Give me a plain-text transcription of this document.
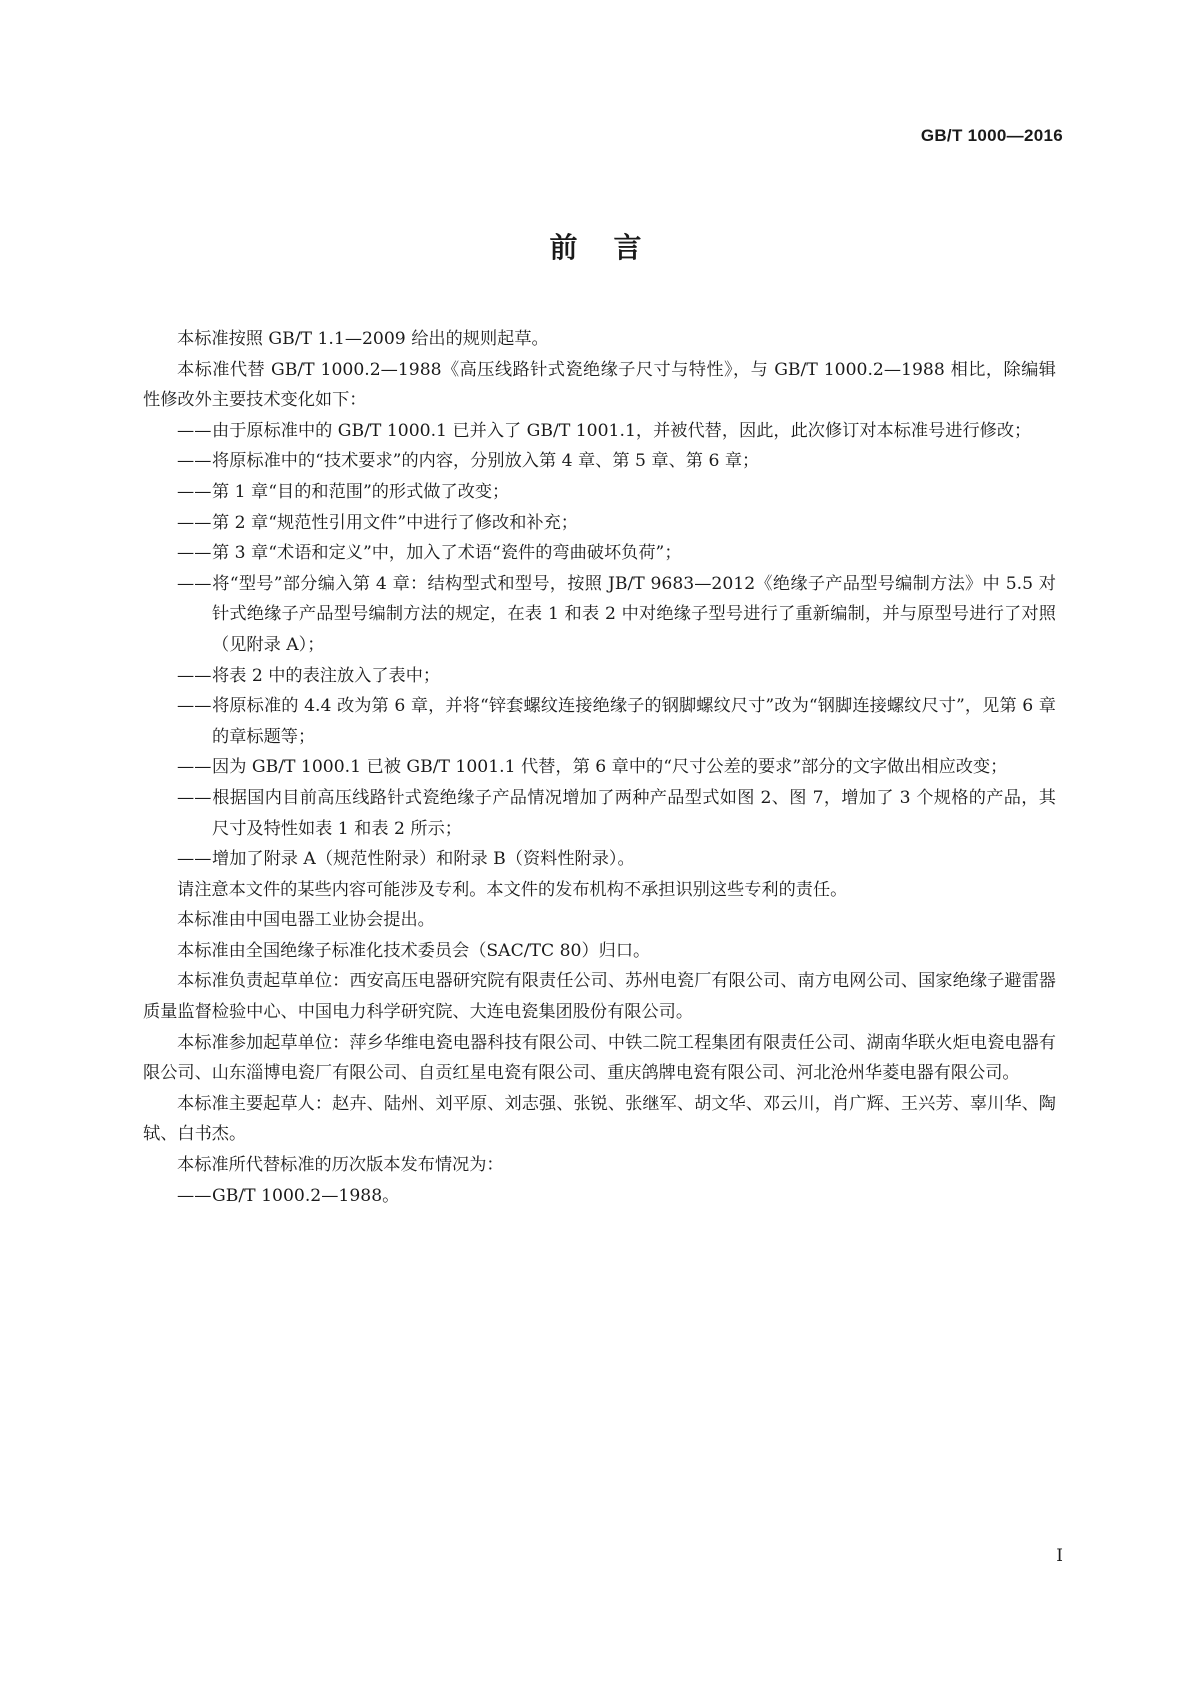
GB/T 1000—2016
前言

本标准按照 GB/T 1.1—2009 给出的规则起草。

本标准代替 GB/T 1000.2—1988《高压线路针式瓷绝缘子尺寸与特性》，与 GB/T 1000.2—1988 相比，除编辑性修改外主要技术变化如下：

——由于原标准中的 GB/T 1000.1 已并入了 GB/T 1001.1，并被代替，因此，此次修订对本标准号进行修改；

——将原标准中的“技术要求”的内容，分别放入第 4 章、第 5 章、第 6 章；

——第 1 章“目的和范围”的形式做了改变；

——第 2 章“规范性引用文件”中进行了修改和补充；

——第 3 章“术语和定义”中，加入了术语“瓷件的弯曲破坏负荷”；

——将“型号”部分编入第 4 章：结构型式和型号，按照 JB/T 9683—2012《绝缘子产品型号编制方法》中 5.5 对针式绝缘子产品型号编制方法的规定，在表 1 和表 2 中对绝缘子型号进行了重新编制，并与原型号进行了对照（见附录 A）；

——将表 2 中的表注放入了表中；

——将原标准的 4.4 改为第 6 章，并将“锌套螺纹连接绝缘子的钢脚螺纹尺寸”改为“钢脚连接螺纹尺寸”，见第 6 章的章标题等；

——因为 GB/T 1000.1 已被 GB/T 1001.1 代替，第 6 章中的“尺寸公差的要求”部分的文字做出相应改变；

——根据国内目前高压线路针式瓷绝缘子产品情况增加了两种产品型式如图 2、图 7，增加了 3 个规格的产品，其尺寸及特性如表 1 和表 2 所示；

——增加了附录 A（规范性附录）和附录 B（资料性附录）。

请注意本文件的某些内容可能涉及专利。本文件的发布机构不承担识别这些专利的责任。

本标准由中国电器工业协会提出。

本标准由全国绝缘子标准化技术委员会（SAC/TC 80）归口。

本标准负责起草单位：西安高压电器研究院有限责任公司、苏州电瓷厂有限公司、南方电网公司、国家绝缘子避雷器质量监督检验中心、中国电力科学研究院、大连电瓷集团股份有限公司。

本标准参加起草单位：萍乡华维电瓷电器科技有限公司、中铁二院工程集团有限责任公司、湖南华联火炬电瓷电器有限公司、山东淄博电瓷厂有限公司、自贡红星电瓷有限公司、重庆鸽牌电瓷有限公司、河北沧州华菱电器有限公司。

本标准主要起草人：赵卉、陆州、刘平原、刘志强、张锐、张继军、胡文华、邓云川，肖广辉、王兴芳、辜川华、陶轼、白书杰。

本标准所代替标准的历次版本发布情况为：

——GB/T 1000.2—1988。

I
